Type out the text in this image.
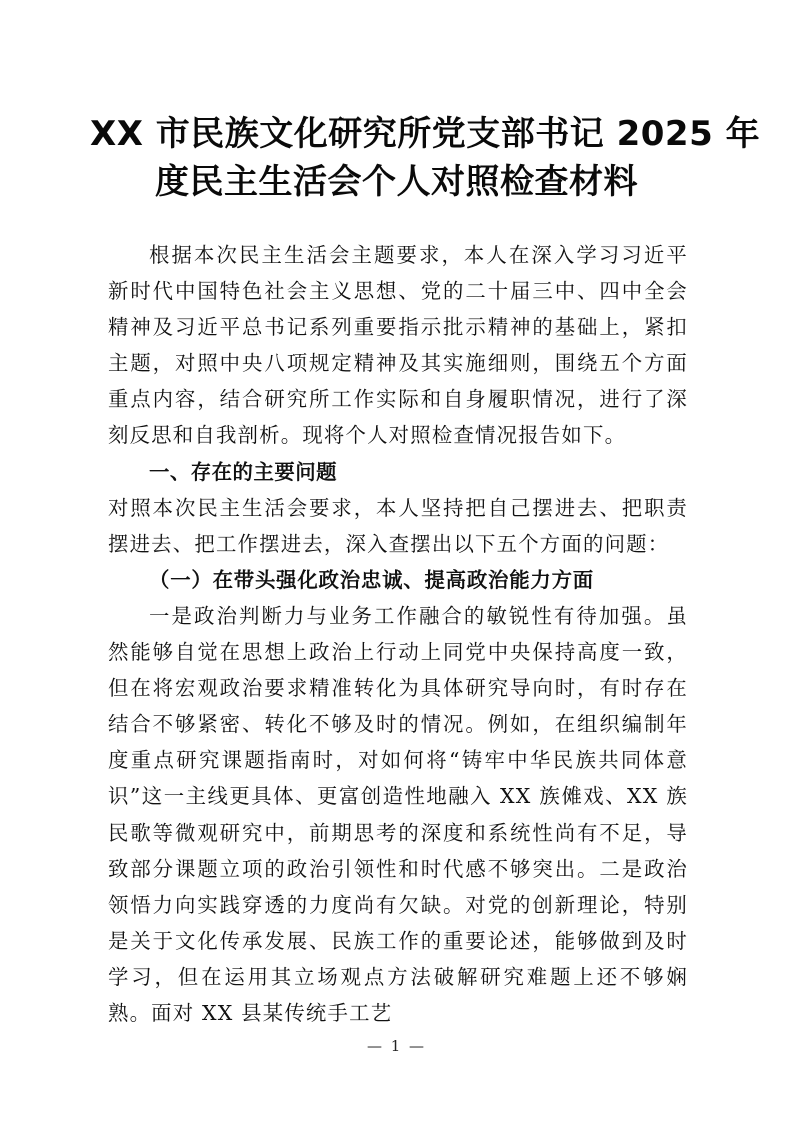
XX 市民族文化研究所党支部书记 2025 年
度民主生活会个人对照检查材料

根据本次民主生活会主题要求，本人在深入学习习近平新时代中国特色社会主义思想、党的二十届三中、四中全会精神及习近平总书记系列重要指示批示精神的基础上，紧扣主题，对照中央八项规定精神及其实施细则，围绕五个方面重点内容，结合研究所工作实际和自身履职情况，进行了深刻反思和自我剖析。现将个人对照检查情况报告如下。

一、存在的主要问题

对照本次民主生活会要求，本人坚持把自己摆进去、把职责摆进去、把工作摆进去，深入查摆出以下五个方面的问题：

（一）在带头强化政治忠诚、提高政治能力方面

一是政治判断力与业务工作融合的敏锐性有待加强。虽然能够自觉在思想上政治上行动上同党中央保持高度一致，但在将宏观政治要求精准转化为具体研究导向时，有时存在结合不够紧密、转化不够及时的情况。例如，在组织编制年度重点研究课题指南时，对如何将“铸牢中华民族共同体意识”这一主线更具体、更富创造性地融入 XX 族傩戏、XX 族民歌等微观研究中，前期思考的深度和系统性尚有不足，导致部分课题立项的政治引领性和时代感不够突出。二是政治领悟力向实践穿透的力度尚有欠缺。对党的创新理论，特别是关于文化传承发展、民族工作的重要论述，能够做到及时学习，但在运用其立场观点方法破解研究难题上还不够娴熟。面对 XX 县某传统手工艺

— 1 —
